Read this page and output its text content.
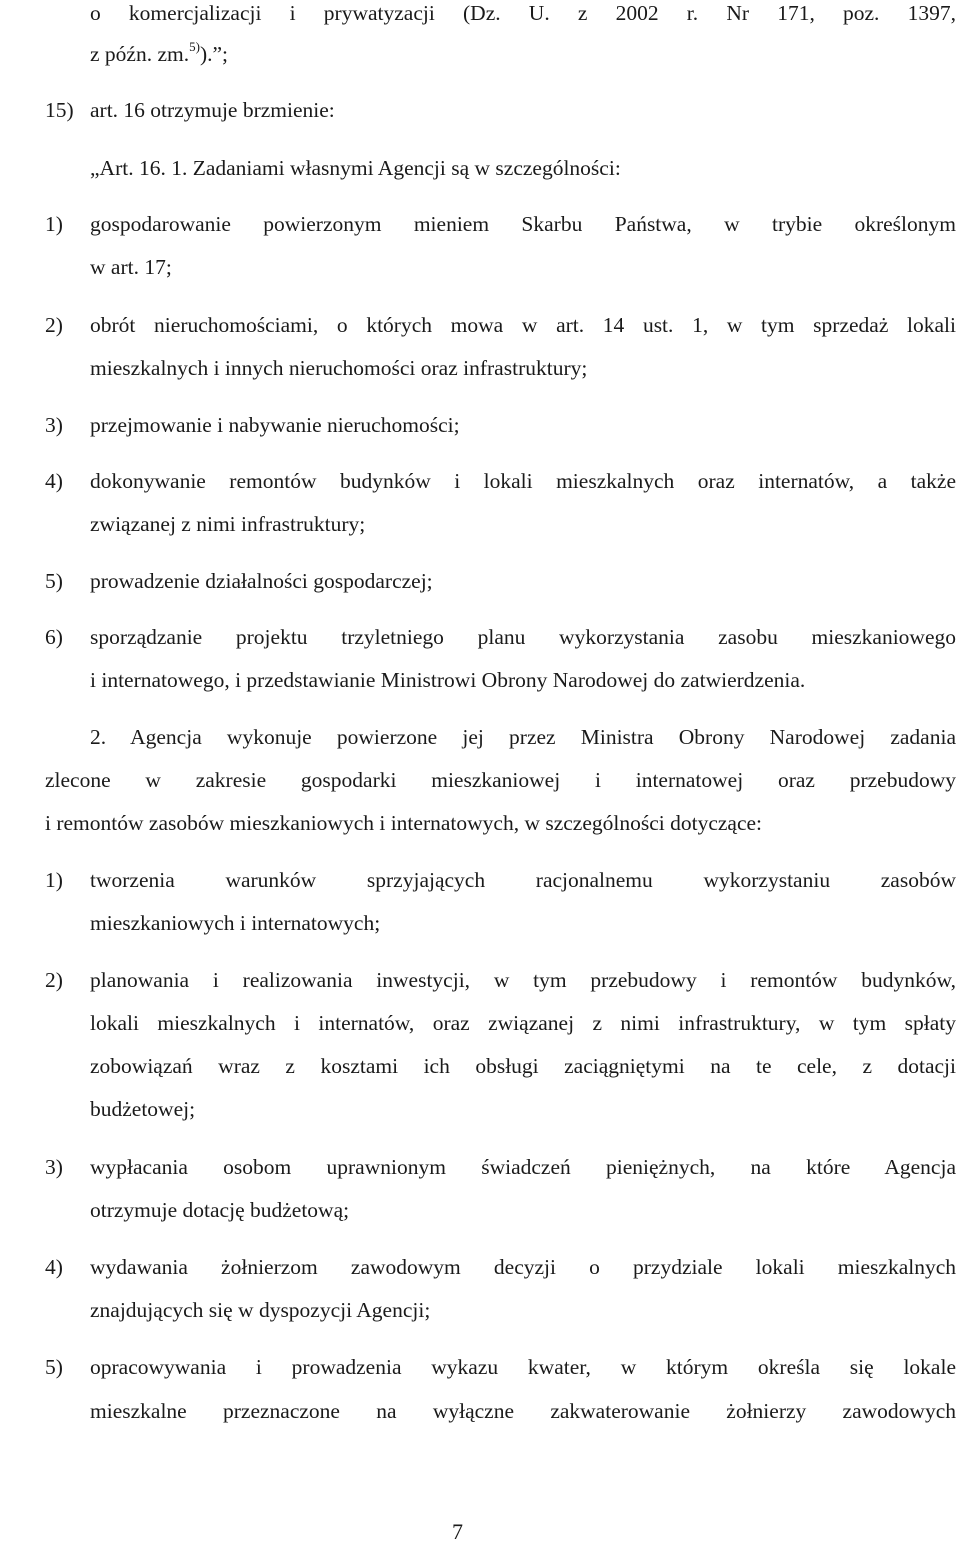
o komercjalizacji i prywatyzacji (Dz. U. z 2002 r. Nr 171, poz. 1397,
z późn. zm.$^{5)}$).”;
15) art. 16 otrzymuje brzmienie:
„Art. 16. 1. Zadaniami własnymi Agencji są w szczególności:
1) gospodarowanie powierzonym mieniem Skarbu Państwa, w trybie określonym
w art. 17;
2) obrót nieruchomościami, o których mowa w art. 14 ust. 1, w tym sprzedaż lokali
mieszkalnych i innych nieruchomości oraz infrastruktury;
3) przejmowanie i nabywanie nieruchomości;
4) dokonywanie remontów budynków i lokali mieszkalnych oraz internatów, a także
związanej z nimi infrastruktury;
5) prowadzenie działalności gospodarczej;
6) sporządzanie projektu trzyletniego planu wykorzystania zasobu mieszkaniowego
i internatowego, i przedstawianie Ministrowi Obrony Narodowej do zatwierdzenia.
2. Agencja wykonuje powierzone jej przez Ministra Obrony Narodowej zadania
zlecone w zakresie gospodarki mieszkaniowej i internatowej oraz przebudowy
i remontów zasobów mieszkaniowych i internatowych, w szczególności dotyczące:
1) tworzenia warunków sprzyjających racjonalnemu wykorzystaniu zasobów
mieszkaniowych i internatowych;
2) planowania i realizowania inwestycji, w tym przebudowy i remontów budynków,
lokali mieszkalnych i internatów, oraz związanej z nimi infrastruktury, w tym spłaty
zobowiązań wraz z kosztami ich obsługi zaciągniętymi na te cele, z dotacji
budżetowej;
3) wypłacania osobom uprawnionym świadczeń pieniężnych, na które Agencja
otrzymuje dotację budżetową;
4) wydawania żołnierzom zawodowym decyzji o przydziale lokali mieszkalnych
znajdujących się w dyspozycji Agencji;
5) opracowywania i prowadzenia wykazu kwater, w którym określa się lokale
mieszkalne przeznaczone na wyłączne zakwaterowanie żołnierzy zawodowych
7
